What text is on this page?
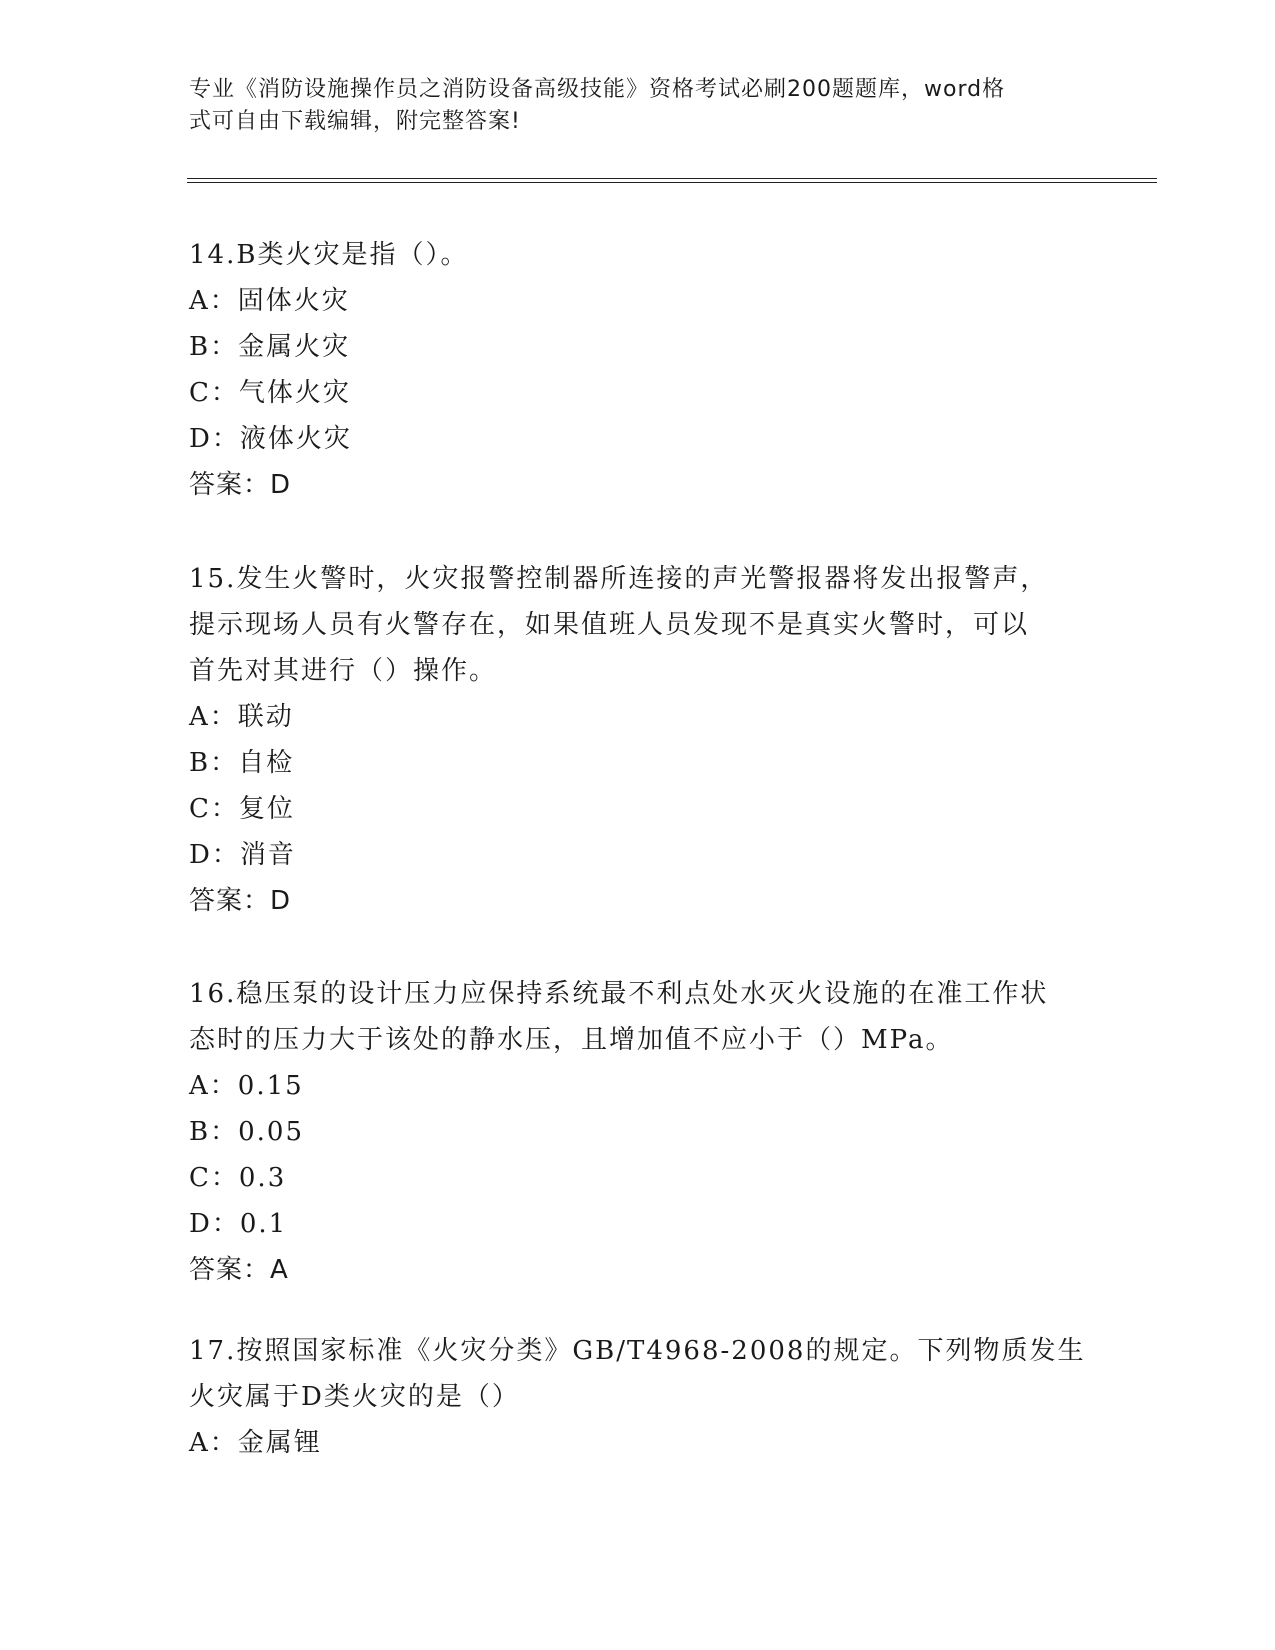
专业《消防设施操作员之消防设备高级技能》资格考试必刷200题题库，word格
式可自由下载编辑，附完整答案!
14.B类火灾是指（）。
A：固体火灾
B：金属火灾
C：气体火灾
D：液体火灾
答案：D
15.发生火警时，火灾报警控制器所连接的声光警报器将发出报警声，
提示现场人员有火警存在，如果值班人员发现不是真实火警时，可以
首先对其进行（）操作。
A：联动
B：自检
C：复位
D：消音
答案：D
16.稳压泵的设计压力应保持系统最不利点处水灭火设施的在准工作状
态时的压力大于该处的静水压，且增加值不应小于（）MPa。
A：0.15
B：0.05
C：0.3
D：0.1
答案：A
17.按照国家标准《火灾分类》GB/T4968-2008的规定。下列物质发生
火灾属于D类火灾的是（）
A：金属锂
